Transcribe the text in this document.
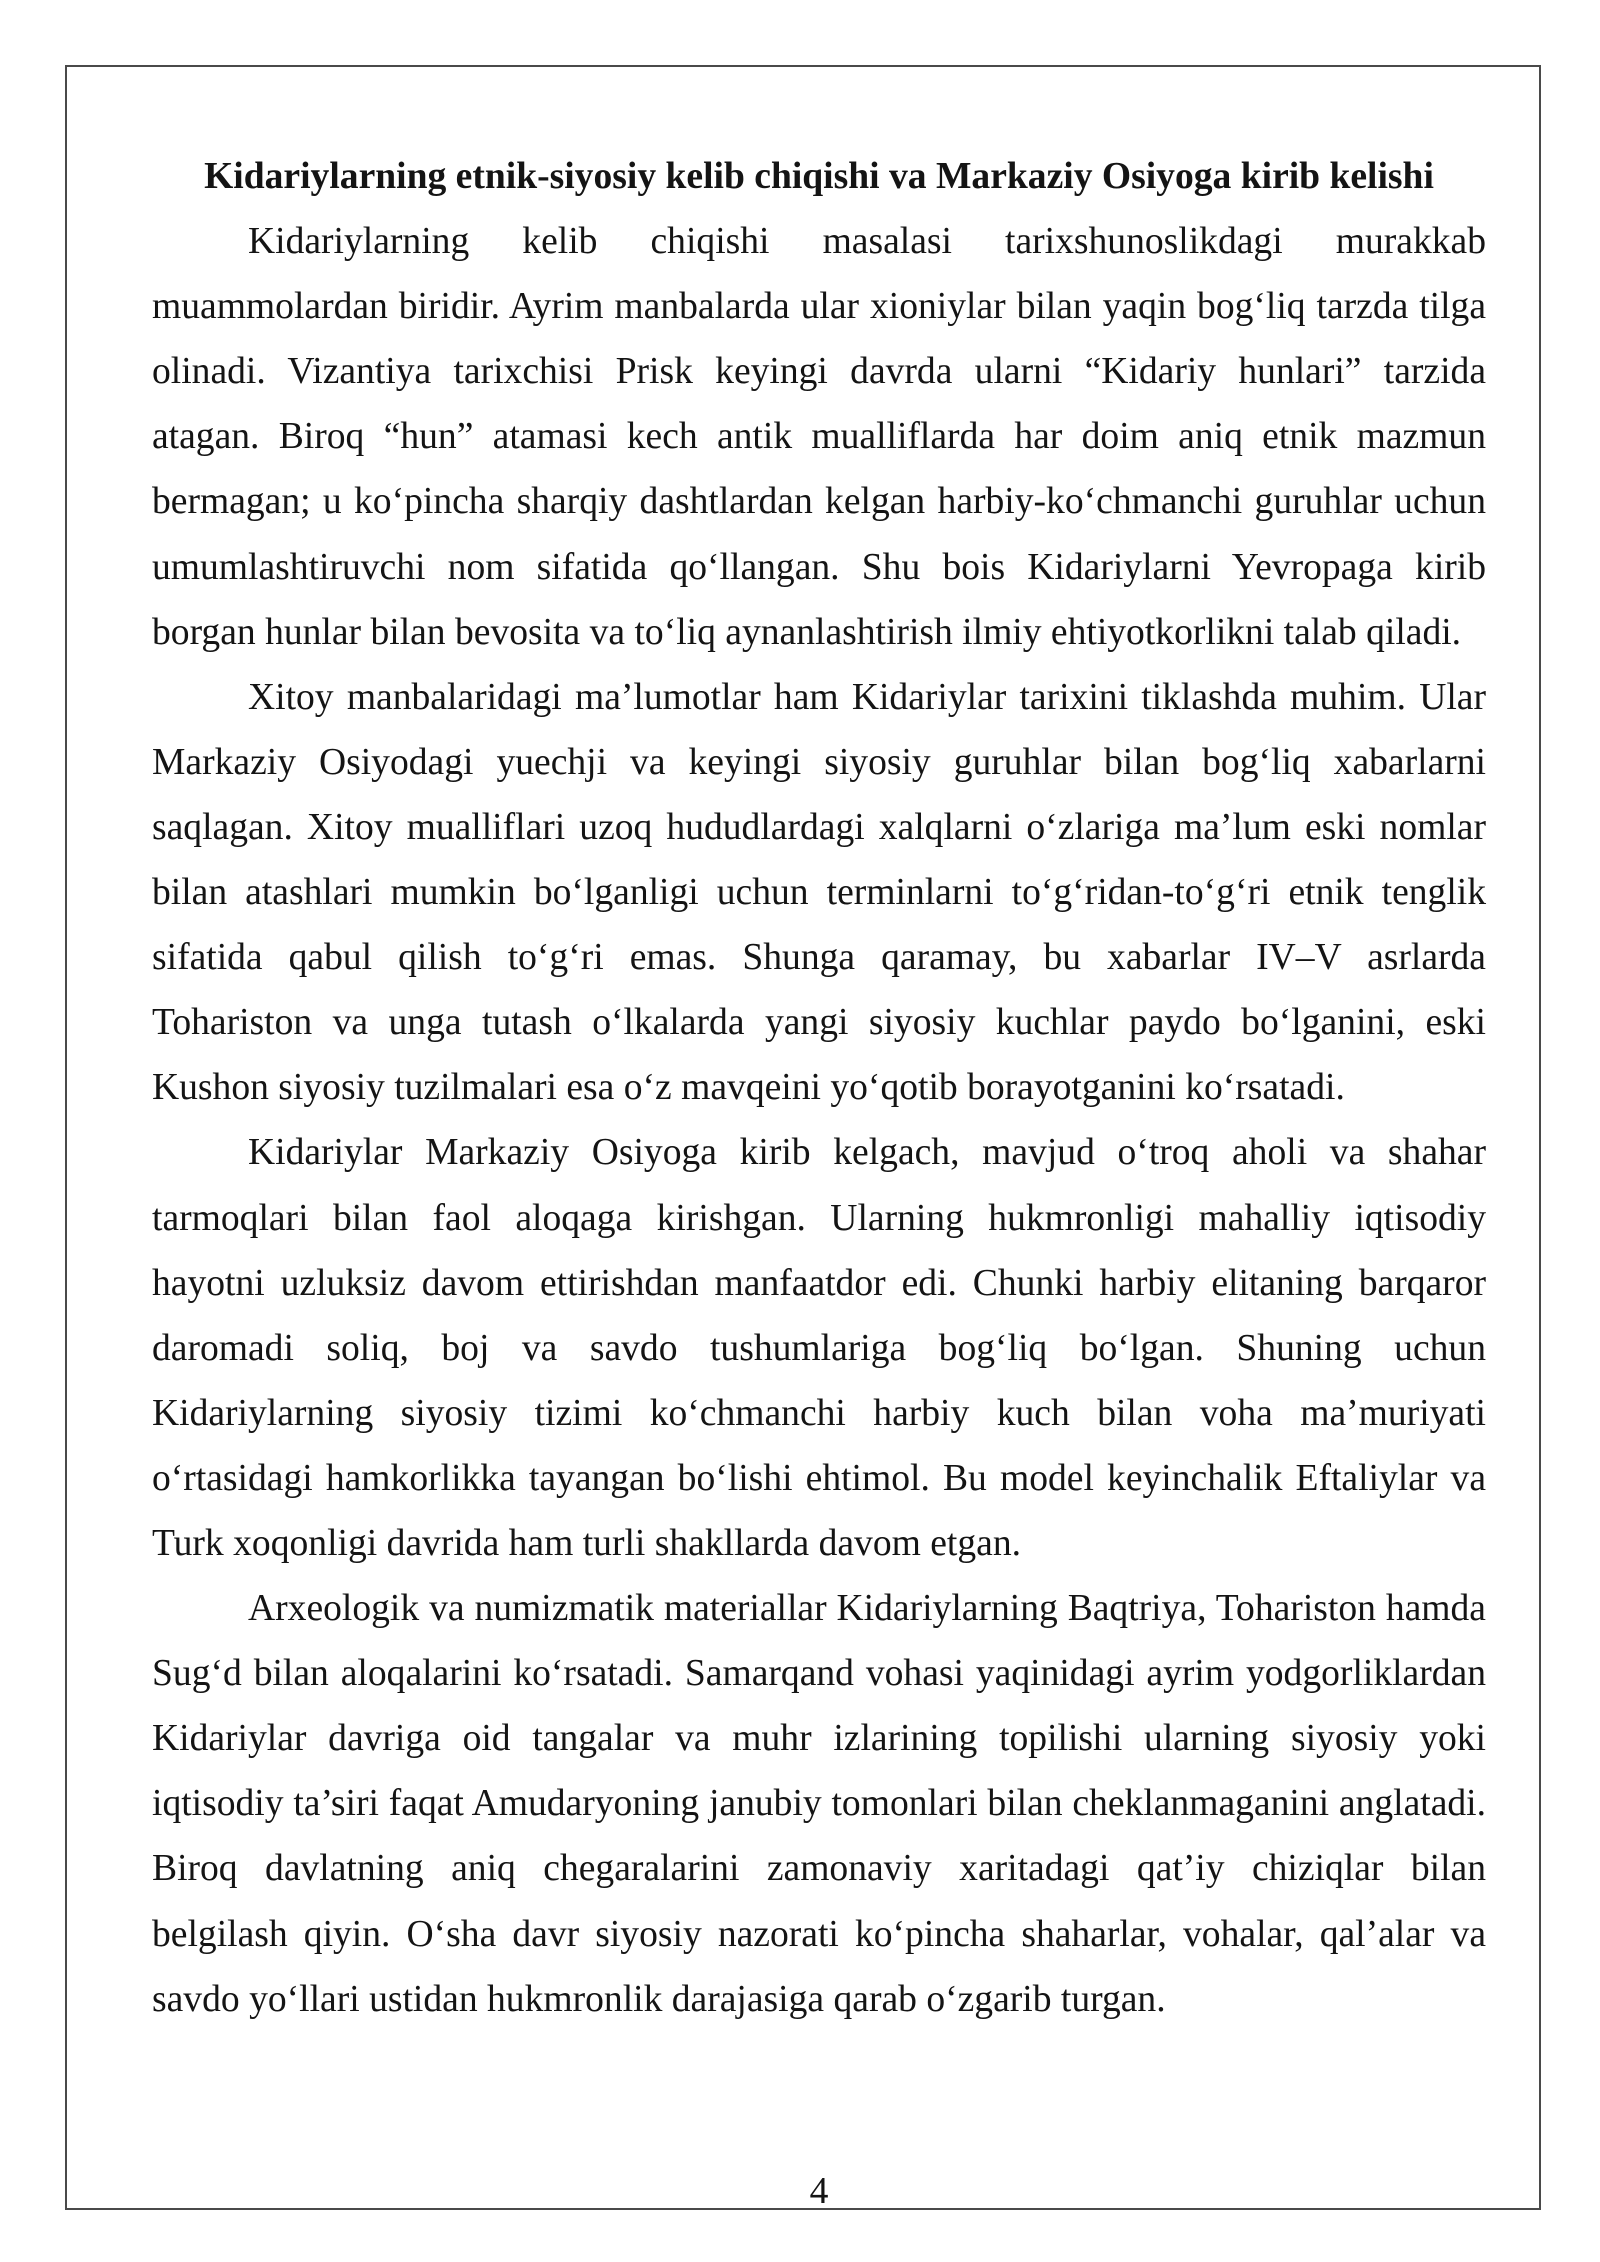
Kidariylarning etnik-siyosiy kelib chiqishi va Markaziy Osiyoga kirib kelishi

Kidariylarning kelib chiqishi masalasi tarixshunoslikdagi murakkab muammolardan biridir. Ayrim manbalarda ular xioniylar bilan yaqin bog‘liq tarzda tilga olinadi. Vizantiya tarixchisi Prisk keyingi davrda ularni “Kidariy hunlari” tarzida atagan. Biroq “hun” atamasi kech antik mualliflarda har doim aniq etnik mazmun bermagan; u ko‘pincha sharqiy dashtlardan kelgan harbiy-ko‘chmanchi guruhlar uchun umumlashtiruvchi nom sifatida qo‘llangan. Shu bois Kidariylarni Yevropaga kirib borgan hunlar bilan bevosita va to‘liq aynanlashtirish ilmiy ehtiyotkorlikni talab qiladi.

Xitoy manbalaridagi ma’lumotlar ham Kidariylar tarixini tiklashda muhim. Ular Markaziy Osiyodagi yuechji va keyingi siyosiy guruhlar bilan bog‘liq xabarlarni saqlagan. Xitoy mualliflari uzoq hududlardagi xalqlarni o‘zlariga ma’lum eski nomlar bilan atashlari mumkin bo‘lganligi uchun terminlarni to‘g‘ridan-to‘g‘ri etnik tenglik sifatida qabul qilish to‘g‘ri emas. Shunga qaramay, bu xabarlar IV–V asrlarda Tohariston va unga tutash o‘lkalarda yangi siyosiy kuchlar paydo bo‘lganini, eski Kushon siyosiy tuzilmalari esa o‘z mavqeini yo‘qotib borayotganini ko‘rsatadi.

Kidariylar Markaziy Osiyoga kirib kelgach, mavjud o‘troq aholi va shahar tarmoqlari bilan faol aloqaga kirishgan. Ularning hukmronligi mahalliy iqtisodiy hayotni uzluksiz davom ettirishdan manfaatdor edi. Chunki harbiy elitaning barqaror daromadi soliq, boj va savdo tushumlariga bog‘liq bo‘lgan. Shuning uchun Kidariylarning siyosiy tizimi ko‘chmanchi harbiy kuch bilan voha ma’muriyati o‘rtasidagi hamkorlikka tayangan bo‘lishi ehtimol. Bu model keyinchalik Eftaliylar va Turk xoqonligi davrida ham turli shakllarda davom etgan.

Arxeologik va numizmatik materiallar Kidariylarning Baqtriya, Tohariston hamda Sug‘d bilan aloqalarini ko‘rsatadi. Samarqand vohasi yaqinidagi ayrim yodgorliklardan Kidariylar davriga oid tangalar va muhr izlarining topilishi ularning siyosiy yoki iqtisodiy ta’siri faqat Amudaryoning janubiy tomonlari bilan cheklanmaganini anglatadi. Biroq davlatning aniq chegaralarini zamonaviy xaritadagi qat’iy chiziqlar bilan belgilash qiyin. O‘sha davr siyosiy nazorati ko‘pincha shaharlar, vohalar, qal’alar va savdo yo‘llari ustidan hukmronlik darajasiga qarab o‘zgarib turgan.

4
